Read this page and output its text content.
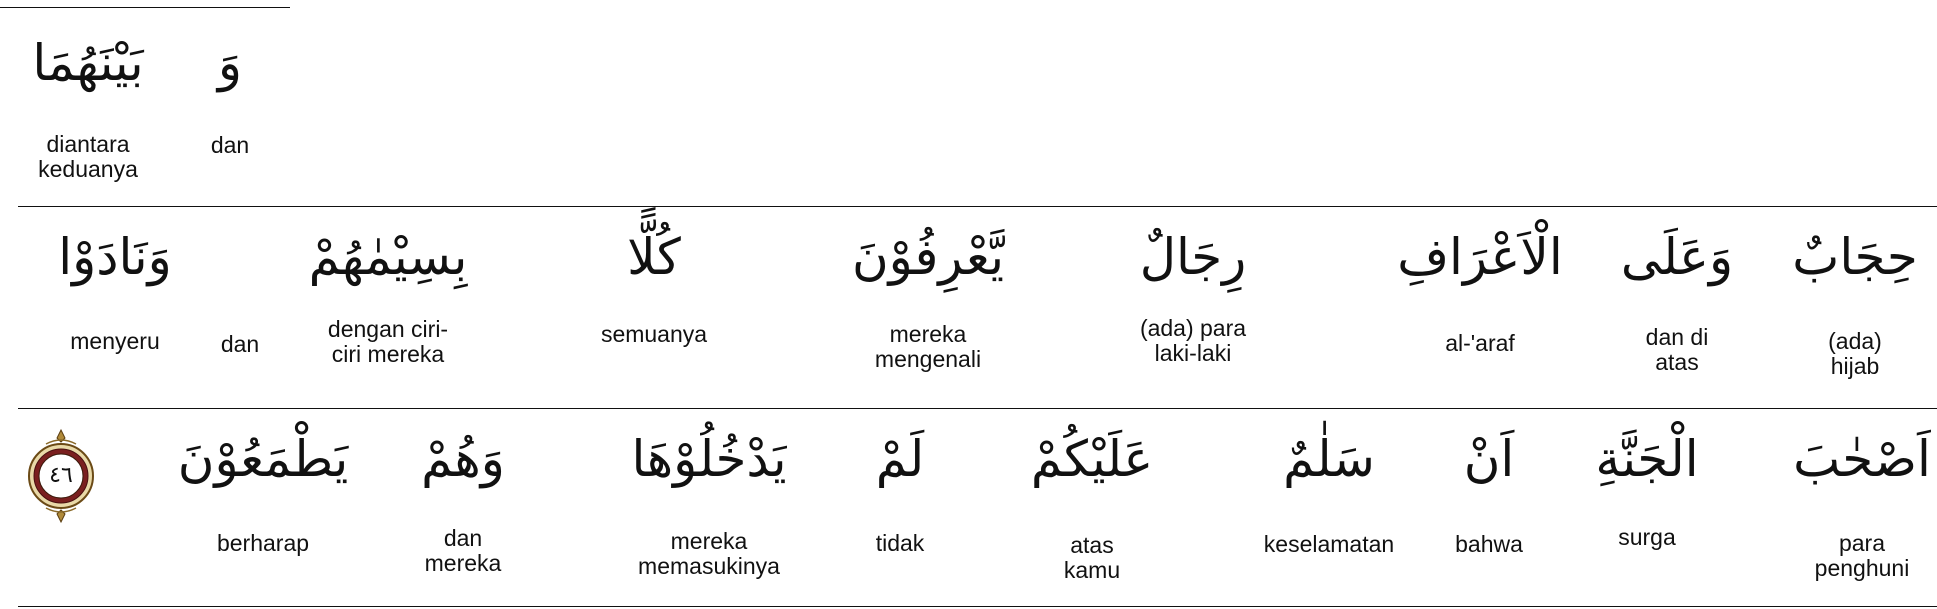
وَ
dan
بَيْنَهُمَا
diantara
keduanya
حِجَابٌ
(ada)
hijab
وَعَلَى
dan di
atas
الْاَعْرَافِ
al-'araf
رِجَالٌ
(ada) para
laki-laki
يَّعْرِفُوْنَ
mereka
mengenali
كُلًّا
semuanya
بِسِيْمٰهُمْ
dengan ciri-
ciri mereka
dan
وَنَادَوْا
menyeru
اَصْحٰبَ
para
penghuni
الْجَنَّةِ
surga
اَنْ
bahwa
سَلٰمٌ
keselamatan
عَلَيْكُمْ
atas
kamu
لَمْ
tidak
يَدْخُلُوْهَا
mereka
memasukinya
وَهُمْ
dan
mereka
يَطْمَعُوْنَ
berharap
٤٦
